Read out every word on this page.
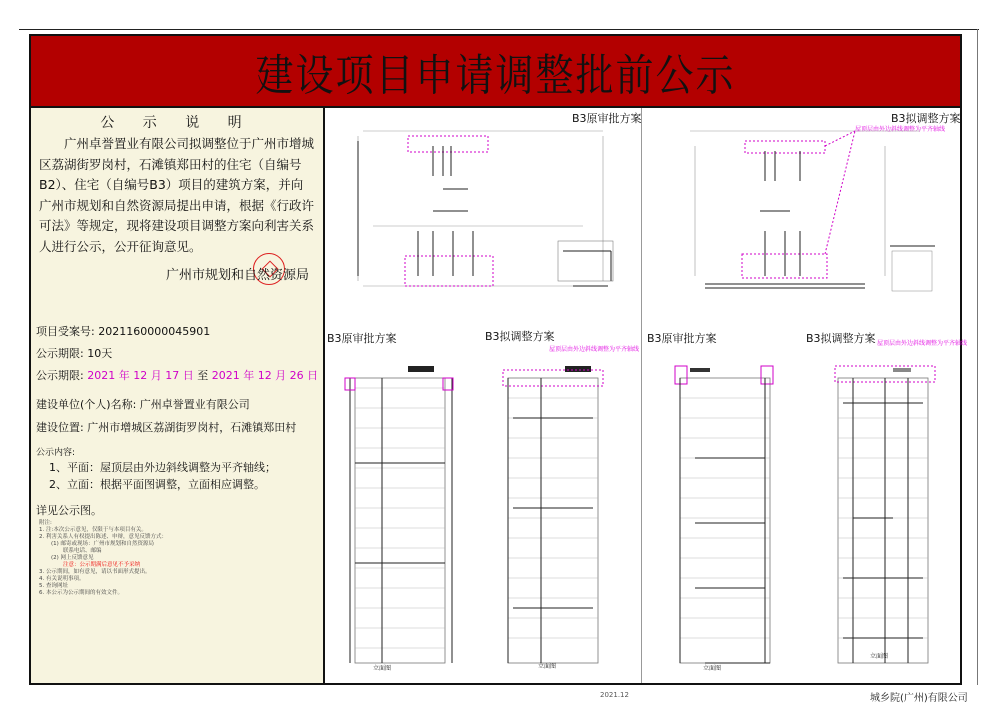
建设项目申请调整批前公示
公 示 说 明
广州卓誉置业有限公司拟调整位于广州市增城区荔湖街罗岗村，石滩镇郑田村的住宅（自编号B2）、住宅（自编号B3）项目的建筑方案，并向广州市规划和自然资源局提出申请，根据《行政许可法》等规定，现将建设项目调整方案向利害关系人进行公示，公开征询意见。
广州市规划和自然资源局
项目受案号: 2021160000045901
公示期限: 10天
公示期限: 2021 年 12 月 17 日 至 2021 年 12 月 26 日
建设单位(个人)名称: 广州卓誉置业有限公司
建设位置: 广州市增城区荔湖街罗岗村，石滩镇郑田村
公示内容:
1、平面：屋顶层由外边斜线调整为平齐轴线；
2、立面：根据平面图调整，立面相应调整。
详见公示图。
附注:
1. 注:本次公示意见，仅限于与本项目有关。
2. 利害关系人有权提出陈述、申辩，意见反馈方式：
(1) 邮寄或现场：广州市规划和自然资源局
联系电话、邮编
(2) 网上反馈意见
注意：公示期满后意见不予采纳
3. 公示期间，如有意见，请以书面形式提出。
4. 有关说明事项。
5. 查询网址
6. 本公示为公示期间的有效文件。
B3原审批方案	B3拟调整方案
屋顶层由外边斜线调整为平齐轴线
B3原审批方案	B3拟调整方案
屋顶层由外边斜线调整为平齐轴线
B3原审批方案	B3拟调整方案 屋顶层由外边斜线调整为平齐轴线
立面图	立面图	立面图
立面图
2021.12	城乡院(广州)有限公司
